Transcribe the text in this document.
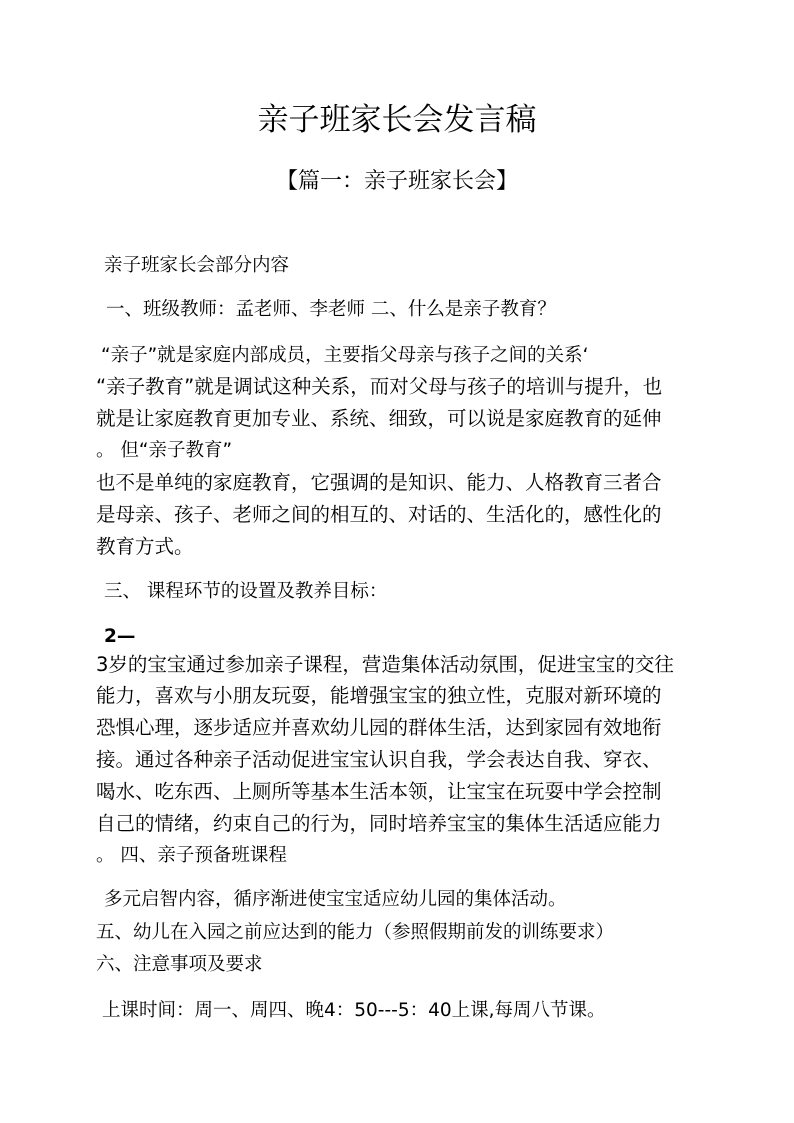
亲子班家长会发言稿
【篇一：亲子班家长会】
亲子班家长会部分内容
一、班级教师：孟老师、李老师 二、什么是亲子教育？
“亲子”就是家庭内部成员，主要指父母亲与孩子之间的关系‘
“亲子教育”就是调试这种关系，而对父母与孩子的培训与提升，也
就是让家庭教育更加专业、系统、细致，可以说是家庭教育的延伸
。 但“亲子教育”
也不是单纯的家庭教育，它强调的是知识、能力、人格教育三者合
是母亲、孩子、老师之间的相互的、对话的、生活化的，感性化的
教育方式。
三、 课程环节的设置及教养目标：
2—
3岁的宝宝通过参加亲子课程，营造集体活动氛围，促进宝宝的交往
能力，喜欢与小朋友玩耍，能增强宝宝的独立性，克服对新环境的
恐惧心理，逐步适应并喜欢幼儿园的群体生活，达到家园有效地衔
接。通过各种亲子活动促进宝宝认识自我，学会表达自我、穿衣、
喝水、吃东西、上厕所等基本生活本领，让宝宝在玩耍中学会控制
自己的情绪，约束自己的行为，同时培养宝宝的集体生活适应能力
。 四、亲子预备班课程
多元启智内容，循序渐进使宝宝适应幼儿园的集体活动。
五、幼儿在入园之前应达到的能力（参照假期前发的训练要求）
六、注意事项及要求
上课时间：周一、周四、晚4：50---5：40上课,每周八节课。
